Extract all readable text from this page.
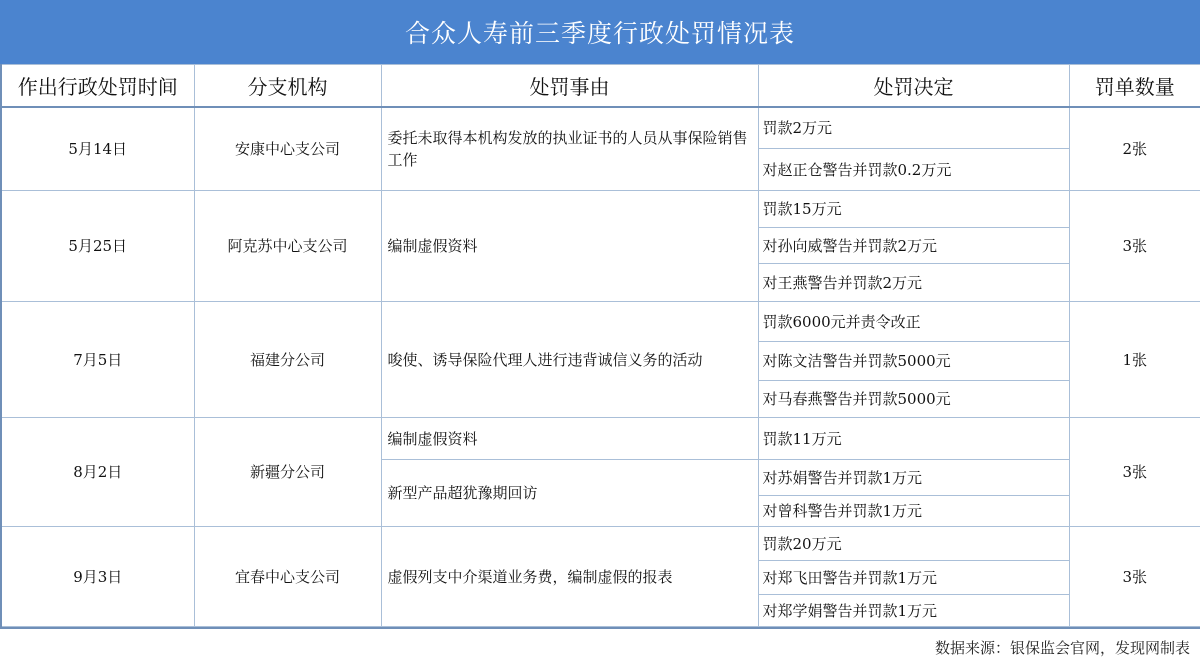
合众人寿前三季度行政处罚情况表
作出行政处罚时间	分支机构	处罚事由	处罚决定	罚单数量
5月14日	安康中心支公司	委托未取得本机构发放的执业证书的人员从事保险销售工作	罚款2万元	2张
			对赵正仓警告并罚款0.2万元	
5月25日	阿克苏中心支公司	编制虚假资料	罚款15万元	3张
			对孙向威警告并罚款2万元	
			对王燕警告并罚款2万元	
7月5日	福建分公司	唆使、诱导保险代理人进行违背诚信义务的活动	罚款6000元并责令改正	1张
			对陈文洁警告并罚款5000元	
			对马春燕警告并罚款5000元	
8月2日	新疆分公司	编制虚假资料	罚款11万元	3张
		新型产品超犹豫期回访	对苏娟警告并罚款1万元	
			对曾科警告并罚款1万元	
9月3日	宜春中心支公司	虚假列支中介渠道业务费，编制虚假的报表	罚款20万元	3张
			对郑飞田警告并罚款1万元	
			对郑学娟警告并罚款1万元	
数据来源：银保监会官网，发现网制表
